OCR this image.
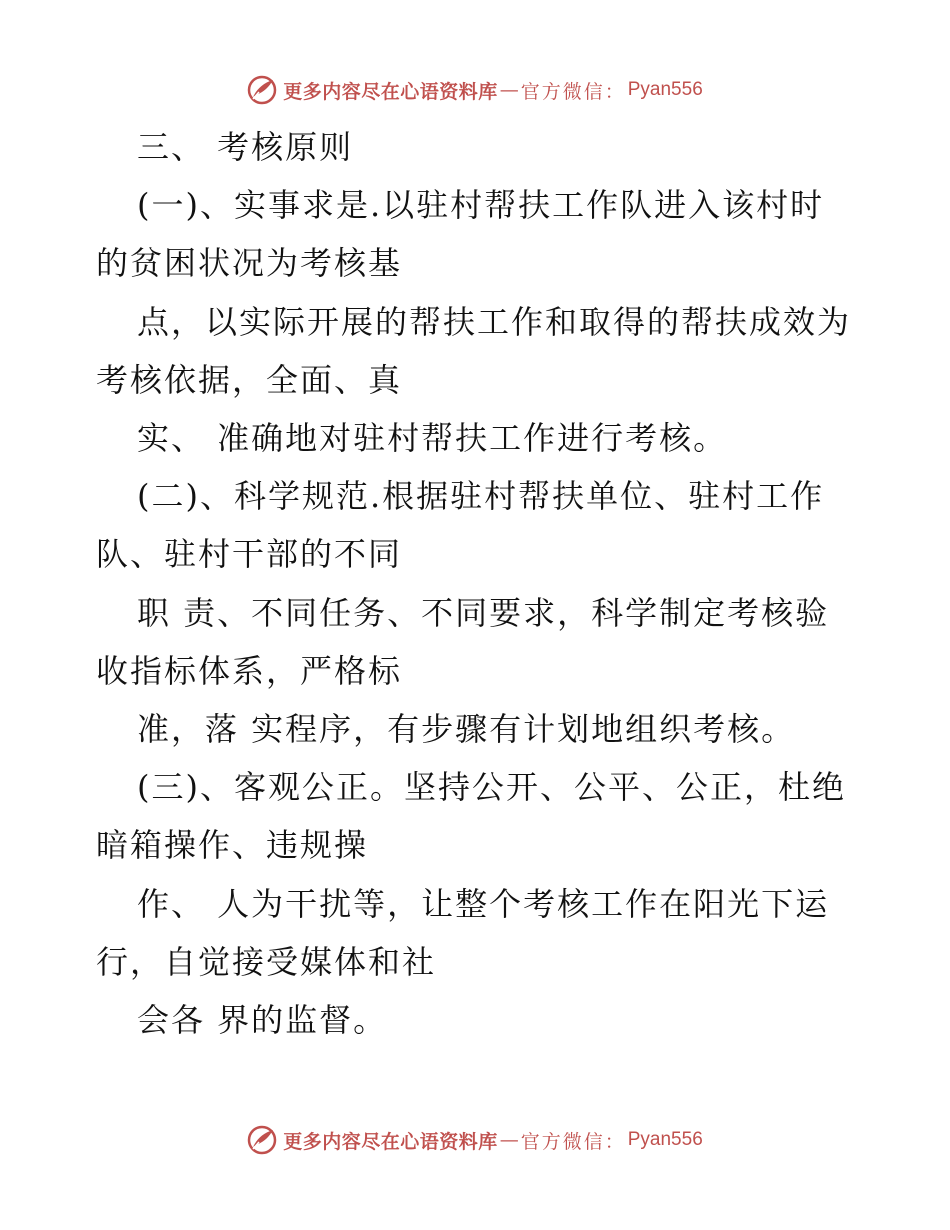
更多内容尽在心语资料库 — 官方微信： Pyan556
三、 考核原则
(一)、实事求是.以驻村帮扶工作队进入该村时
的贫困状况为考核基
点，以实际开展的帮扶工作和取得的帮扶成效为
考核依据，全面、真
实、 准确地对驻村帮扶工作进行考核。
(二)、科学规范.根据驻村帮扶单位、驻村工作
队、驻村干部的不同
职 责、不同任务、不同要求，科学制定考核验
收指标体系，严格标
准，落 实程序，有步骤有计划地组织考核。
(三)、客观公正。坚持公开、公平、公正，杜绝
暗箱操作、违规操
作、 人为干扰等，让整个考核工作在阳光下运
行，自觉接受媒体和社
会各 界的监督。
更多内容尽在心语资料库 — 官方微信： Pyan556
